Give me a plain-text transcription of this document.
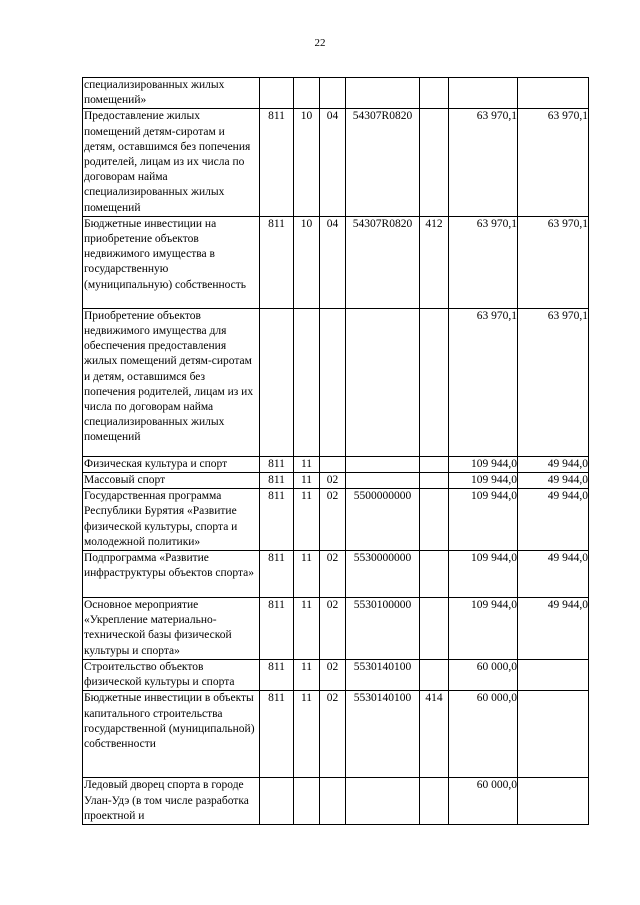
22
специализированных жилых помещений»							
Предоставление жилых помещений детям-сиротам и детям, оставшимся без попечения родителей, лицам из их числа по договорам найма специализированных жилых помещений	811	10	04	54307R0820		63 970,1	63 970,1
Бюджетные инвестиции на приобретение объектов недвижимого имущества в государственную (муниципальную) собственность	811	10	04	54307R0820	412	63 970,1	63 970,1
Приобретение объектов недвижимого имущества для обеспечения предоставления жилых помещений детям-сиротам и детям, оставшимся без попечения родителей, лицам из их числа по договорам найма специализированных жилых помещений						63 970,1	63 970,1
Физическая культура и спорт	811	11				109 944,0	49 944,0
Массовый спорт	811	11	02			109 944,0	49 944,0
Государственная программа Республики Бурятия «Развитие физической культуры, спорта и молодежной политики»	811	11	02	5500000000		109 944,0	49 944,0
Подпрограмма «Развитие инфраструктуры объектов спорта»	811	11	02	5530000000		109 944,0	49 944,0
Основное мероприятие «Укрепление материально-технической базы физической культуры и спорта»	811	11	02	5530100000		109 944,0	49 944,0
Строительство объектов физической культуры и спорта	811	11	02	5530140100		60 000,0	
Бюджетные инвестиции в объекты капитального строительства государственной (муниципальной) собственности	811	11	02	5530140100	414	60 000,0	
Ледовый дворец спорта в городе Улан-Удэ (в том числе разработка проектной и						60 000,0	
